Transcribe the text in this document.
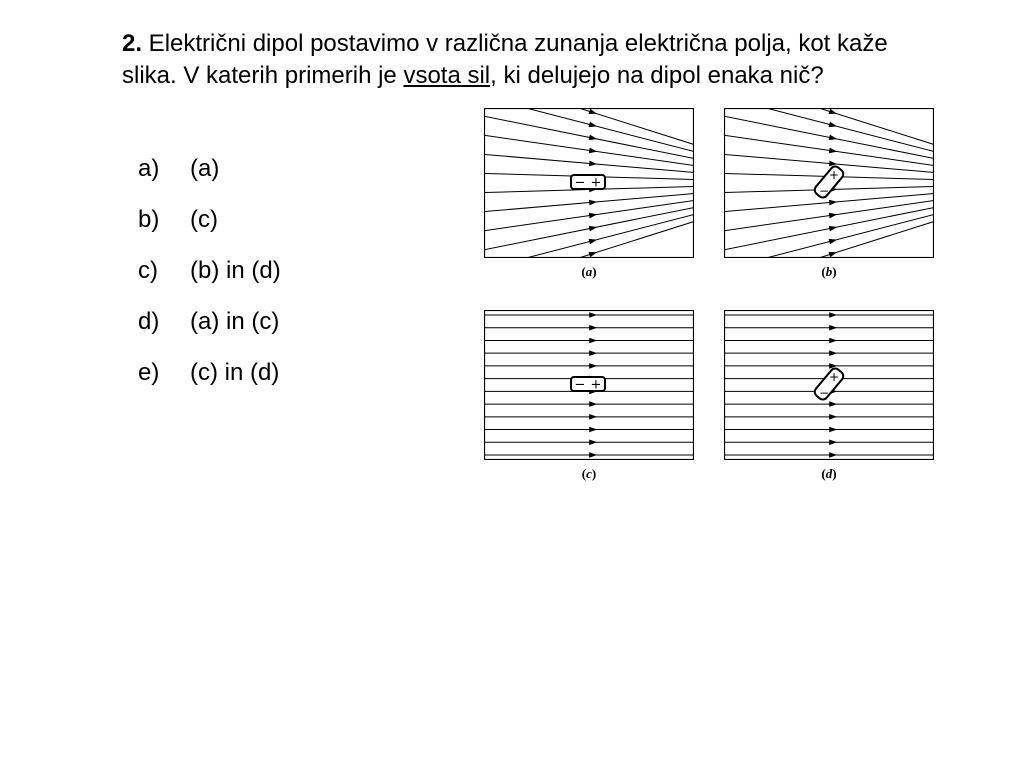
2. Električni dipol postavimo v različna zunanja električna polja, kot kaže slika. V katerih primerih je vsota sil, ki delujejo na dipol enaka nič?

a) (a)
b) (c)
c) (b) in (d)
d) (a) in (c)
e) (c) in (d)
− +
(a)
+
−
(b)
− +
(c)
+
−
(d)
